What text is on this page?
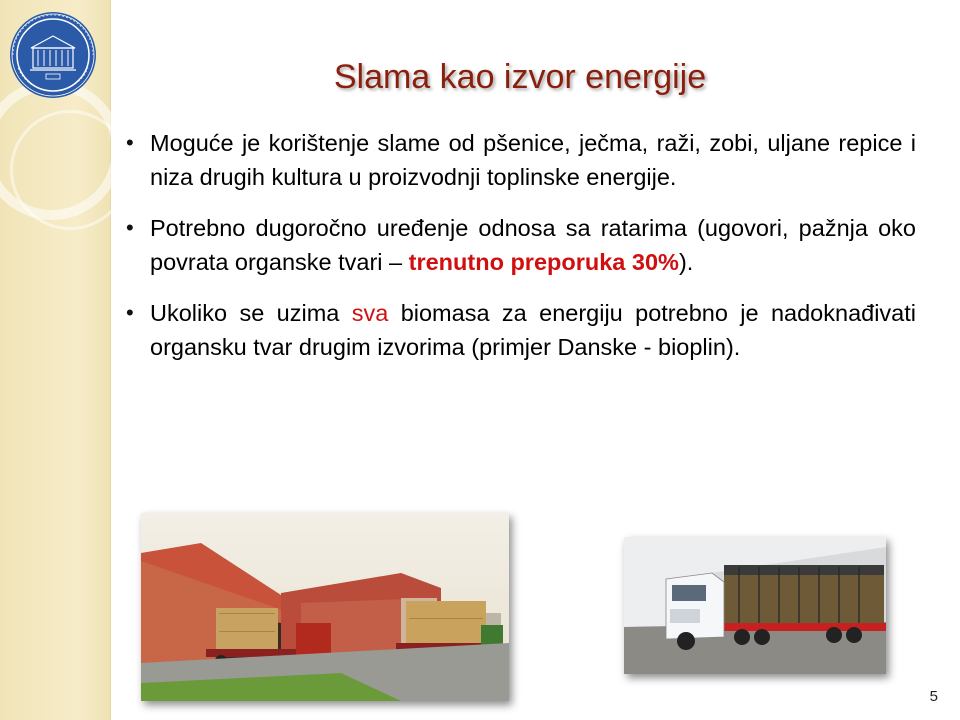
Slama kao izvor energije
• Moguće je korištenje slame od pšenice, ječma, raži, zobi, uljane repice i niza drugih kultura u proizvodnji toplinske energije.
• Potrebno dugoročno uređenje odnosa sa ratarima (ugovori, pažnja oko povrata organske tvari – trenutno preporuka 30%).
• Ukoliko se uzima sva biomasa za energiju potrebno je nadoknađivati organsku tvar drugim izvorima (primjer Danske - bioplin).
5
